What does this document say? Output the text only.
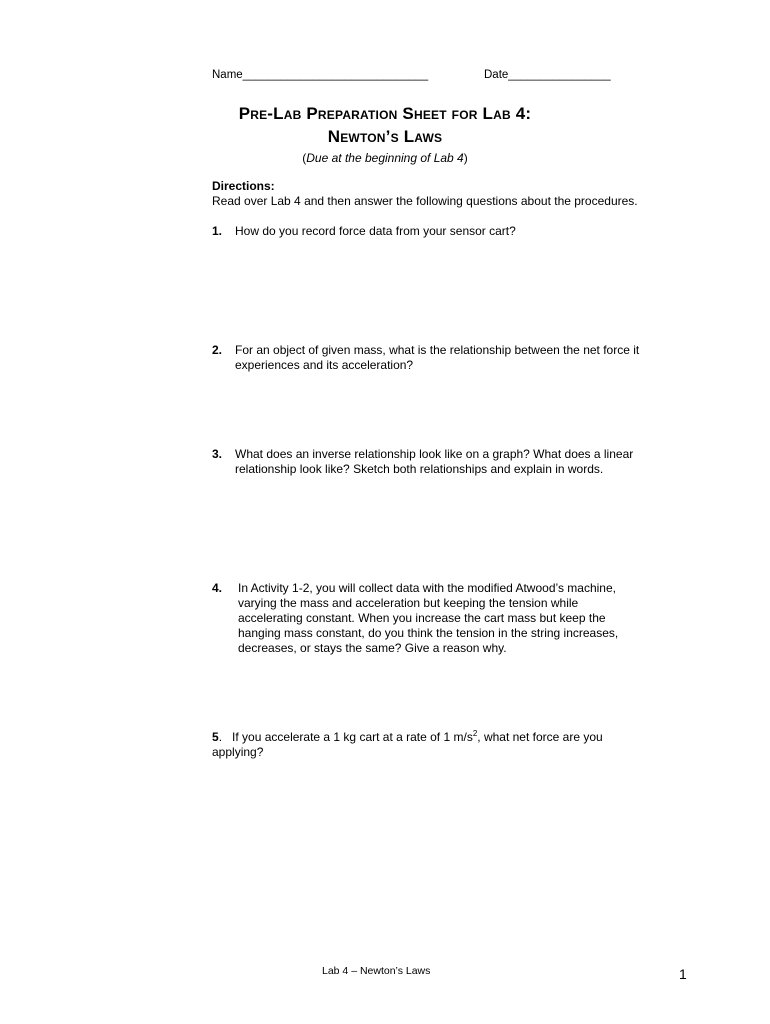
Name_____________________________	Date________________
Pre-Lab Preparation Sheet for Lab 4:
Newton’s Laws
(Due at the beginning of Lab 4)
Directions:
Read over Lab 4 and then answer the following questions about the procedures.
1. How do you record force data from your sensor cart?
2. For an object of given mass, what is the relationship between the net force it
experiences and its acceleration?
3. What does an inverse relationship look like on a graph? What does a linear
relationship look like? Sketch both relationships and explain in words.
4. In Activity 1-2, you will collect data with the modified Atwood’s machine,
varying the mass and acceleration but keeping the tension while
accelerating constant. When you increase the cart mass but keep the
hanging mass constant, do you think the tension in the string increases,
decreases, or stays the same? Give a reason why.
5. If you accelerate a 1 kg cart at a rate of 1 $m/s^2$, what net force are you
applying?
Lab 4 – Newton’s Laws	1
